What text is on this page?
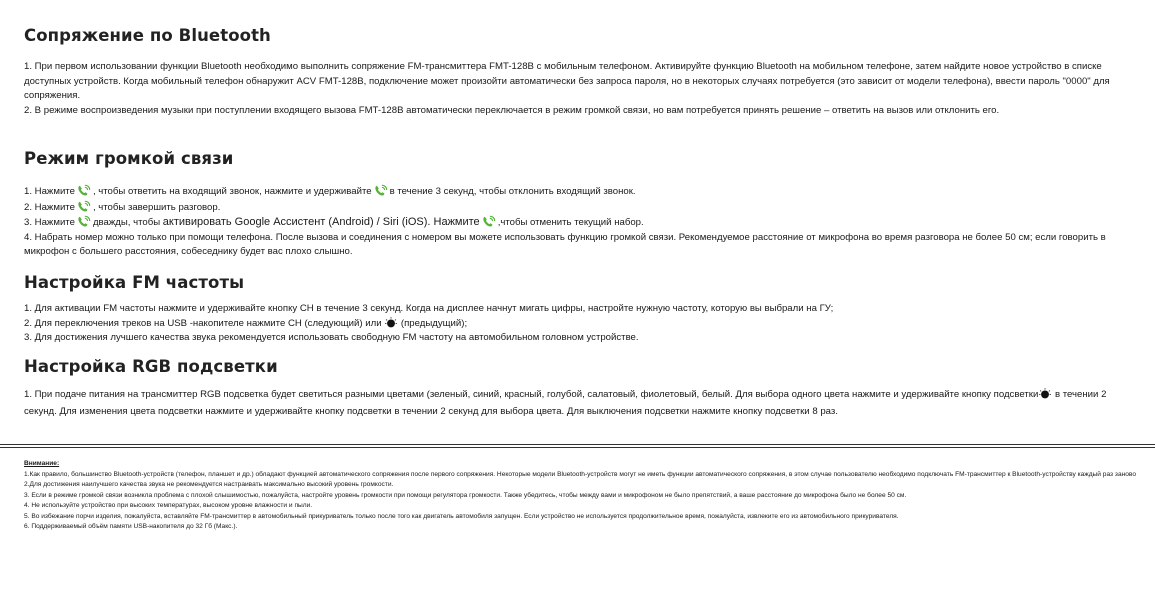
Сопряжение по Bluetooth

1. При первом использовании функции Bluetooth необходимо выполнить сопряжение FM-трансмиттера FMT-128B с мобильным телефоном. Активируйте функцию Bluetooth на мобильном телефоне, затем найдите новое устройство в списке доступных устройств. Когда мобильный телефон обнаружит ACV FMT-128B, подключение может произойти автоматически без запроса пароля, но в некоторых случаях потребуется (это зависит от модели телефона), ввести пароль "0000" для сопряжения.

2. В режиме воспроизведения музыки при поступлении входящего вызова FMT-128B автоматически переключается в режим громкой связи, но вам потребуется принять решение – ответить на вызов или отклонить его.

Режим громкой связи

1. Нажмите , чтобы ответить на входящий звонок, нажмите и удерживайте в течение 3 секунд, чтобы отклонить входящий звонок.

2. Нажмите , чтобы завершить разговор.

3. Нажмите дважды, чтобы активировать Google Ассистент (Android) / Siri (iOS). Нажмите ,чтобы отменить текущий набор.

4. Набрать номер можно только при помощи телефона. После вызова и соединения с номером вы можете использовать функцию громкой связи. Рекомендуемое расстояние от микрофона во время разговора не более 50 см; если говорить в микрофон с большего расстояния, собеседнику будет вас плохо слышно.

Настройка FM частоты

1. Для активации FM частоты нажмите и удерживайте кнопку CH в течение 3 секунд. Когда на дисплее начнут мигать цифры, настройте нужную частоту, которую вы выбрали на ГУ;

2. Для переключения треков на USB -накопителе нажмите CH (следующий) или (предыдущий);

3. Для достижения лучшего качества звука рекомендуется использовать свободную FM частоту на автомобильном головном устройстве.

Настройка RGB подсветки

1. При подаче питания на трансмиттер RGB подсветка будет светиться разными цветами (зеленый, синий, красный, голубой, салатовый, фиолетовый, белый. Для выбора одного цвета нажмите и удерживайте кнопку подсветки в течении 2 секунд. Для изменения цвета подсветки нажмите и удерживайте кнопку подсветки в течении 2 секунд для выбора цвета. Для выключения подсветки нажмите кнопку подсветки 8 раз.

Внимание:

1.Как правило, большинство Bluetooth-устройств (телефон, планшет и др.) обладают функцией автоматического сопряжения после первого сопряжения. Некоторые модели Bluetooth-устройств могут не иметь функции автоматического сопряжения, в этом случае пользователю необходимо подключать FM-трансмиттер к Bluetooth-устройству каждый раз заново

2.Для достижения наилучшего качества звука не рекомендуется настраивать максимально высокий уровень громкости.

3. Если в режиме громкой связи возникла проблема с плохой слышимостью, пожалуйста, настройте уровень громкости при помощи регулятора громкости. Также убедитесь, чтобы между вами и микрофоном не было препятствий, а ваше расстояние до микрофона было не более 50 см.

4. Не используйте устройство при высоких температурах, высоком уровне влажности и пыли.

5. Во избежание порчи изделия, пожалуйста, вставляйте FM-трансмиттер в автомобильный прикуриватель только после того как двигатель автомобиля запущен. Если устройство не используется продолжительное время, пожалуйста, извлеките его из автомобильного прикуривателя.

6. Поддерживаемый объём памяти USB-накопителя до 32 Гб (Макс.).
